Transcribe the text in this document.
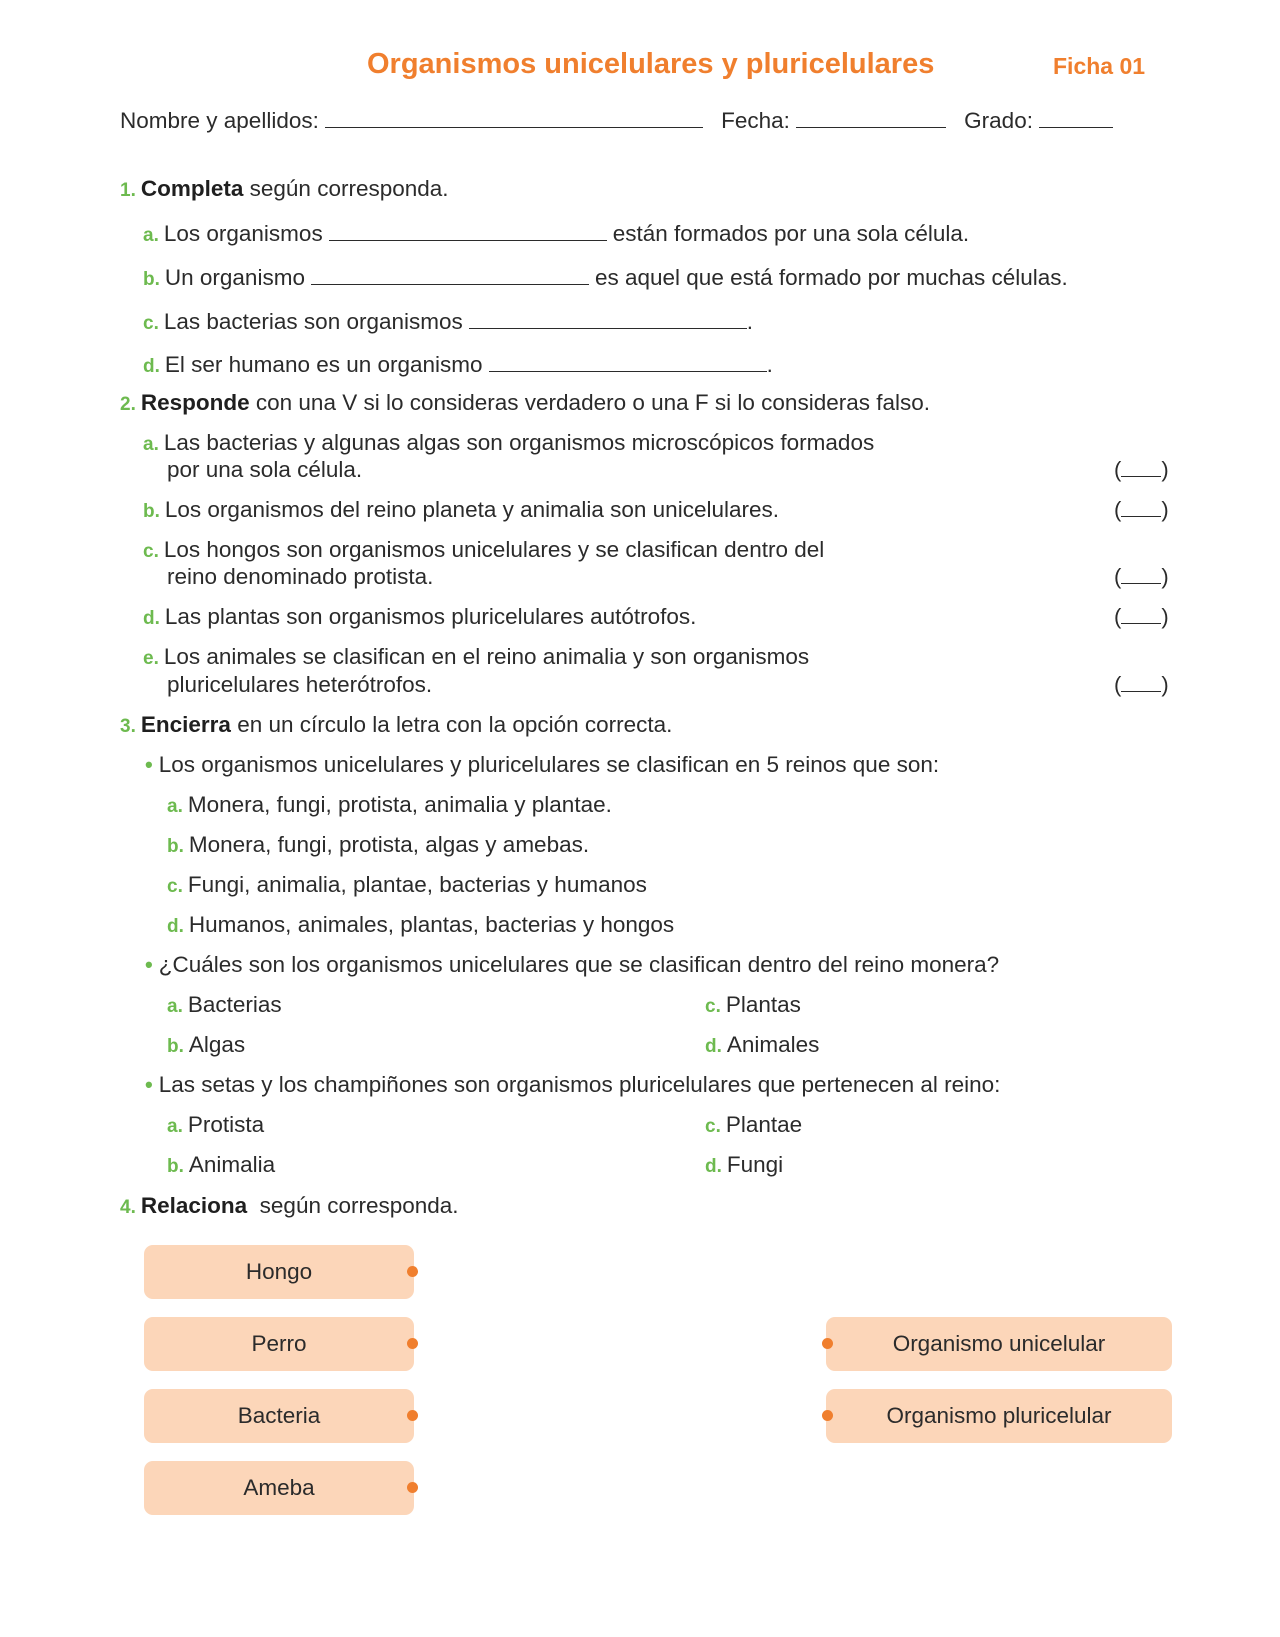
Organismos unicelulares y pluricelulares	Ficha 01
Nombre y apellidos:	Fecha:	Grado:
1. Completa según corresponda.
a. Los organismos	están formados por una sola célula.
b. Un organismo	es aquel que está formado por muchas células.
c. Las bacterias son organismos	.
d. El ser humano es un organismo	.
2. Responde con una V si lo consideras verdadero o una F si lo consideras falso.
a. Las bacterias y algunas algas son organismos microscópicos formados
por una sola célula.	( )
b. Los organismos del reino planeta y animalia son unicelulares.	( )
c. Los hongos son organismos unicelulares y se clasifican dentro del
reino denominado protista.	( )
d. Las plantas son organismos pluricelulares autótrofos.	( )
e. Los animales se clasifican en el reino animalia y son organismos
pluricelulares heterótrofos.	( )
3. Encierra en un círculo la letra con la opción correcta.
• Los organismos unicelulares y pluricelulares se clasifican en 5 reinos que son:
a. Monera, fungi, protista, animalia y plantae.
b. Monera, fungi, protista, algas y amebas.
c. Fungi, animalia, plantae, bacterias y humanos
d. Humanos, animales, plantas, bacterias y hongos
• ¿Cuáles son los organismos unicelulares que se clasifican dentro del reino monera?
a. Bacterias
b. Algas
c. Plantas
d. Animales
• Las setas y los champiñones son organismos pluricelulares que pertenecen al reino:
a. Protista
b. Animalia
c. Plantae
d. Fungi
4. Relaciona según corresponda.
Hongo
Perro
Bacteria
Ameba
Organismo unicelular
Organismo pluricelular
